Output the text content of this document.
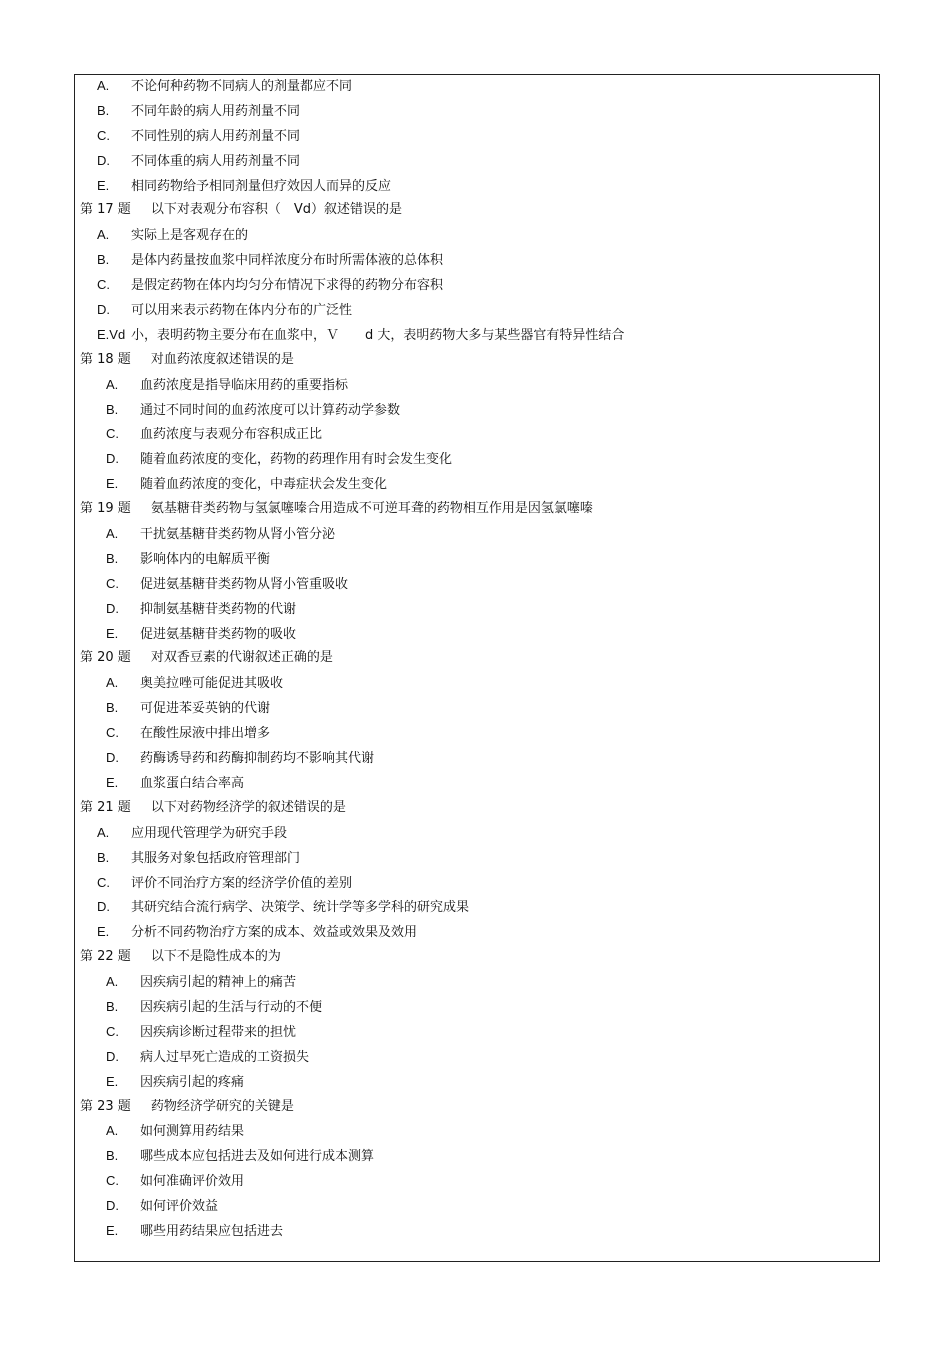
A. 不论何种药物不同病人的剂量都应不同
B. 不同年龄的病人用药剂量不同
C. 不同性别的病人用药剂量不同
D. 不同体重的病人用药剂量不同
E. 相同药物给予相同剂量但疗效因人而异的反应
第 17 题 以下对表观分布容积（　Vd）叙述错误的是
A. 实际上是客观存在的
B. 是体内药量按血浆中同样浓度分布时所需体液的总体积
C. 是假定药物在体内均匀分布情况下求得的药物分布容积
D. 可以用来表示药物在体内分布的广泛性
E.Vd 小，表明药物主要分布在血浆中，Ｖ　　d 大，表明药物大多与某些器官有特异性结合
第 18 题 对血药浓度叙述错误的是
A. 血药浓度是指导临床用药的重要指标
B. 通过不同时间的血药浓度可以计算药动学参数
C. 血药浓度与表观分布容积成正比
D. 随着血药浓度的变化，药物的药理作用有时会发生变化
E. 随着血药浓度的变化，中毒症状会发生变化
第 19 题 氨基糖苷类药物与氢氯噻嗪合用造成不可逆耳聋的药物相互作用是因氢氯噻嗪
A. 干扰氨基糖苷类药物从肾小管分泌
B. 影响体内的电解质平衡
C. 促进氨基糖苷类药物从肾小管重吸收
D. 抑制氨基糖苷类药物的代谢
E. 促进氨基糖苷类药物的吸收
第 20 题 对双香豆素的代谢叙述正确的是
A. 奥美拉唑可能促进其吸收
B. 可促进苯妥英钠的代谢
C. 在酸性尿液中排出增多
D. 药酶诱导药和药酶抑制药均不影响其代谢
E. 血浆蛋白结合率高
第 21 题 以下对药物经济学的叙述错误的是
A. 应用现代管理学为研究手段
B. 其服务对象包括政府管理部门
C. 评价不同治疗方案的经济学价值的差别
D. 其研究结合流行病学、决策学、统计学等多学科的研究成果
E. 分析不同药物治疗方案的成本、效益或效果及效用
第 22 题 以下不是隐性成本的为
A. 因疾病引起的精神上的痛苦
B. 因疾病引起的生活与行动的不便
C. 因疾病诊断过程带来的担忧
D. 病人过早死亡造成的工资损失
E. 因疾病引起的疼痛
第 23 题 药物经济学研究的关键是
A. 如何测算用药结果
B. 哪些成本应包括进去及如何进行成本测算
C. 如何准确评价效用
D. 如何评价效益
E. 哪些用药结果应包括进去
